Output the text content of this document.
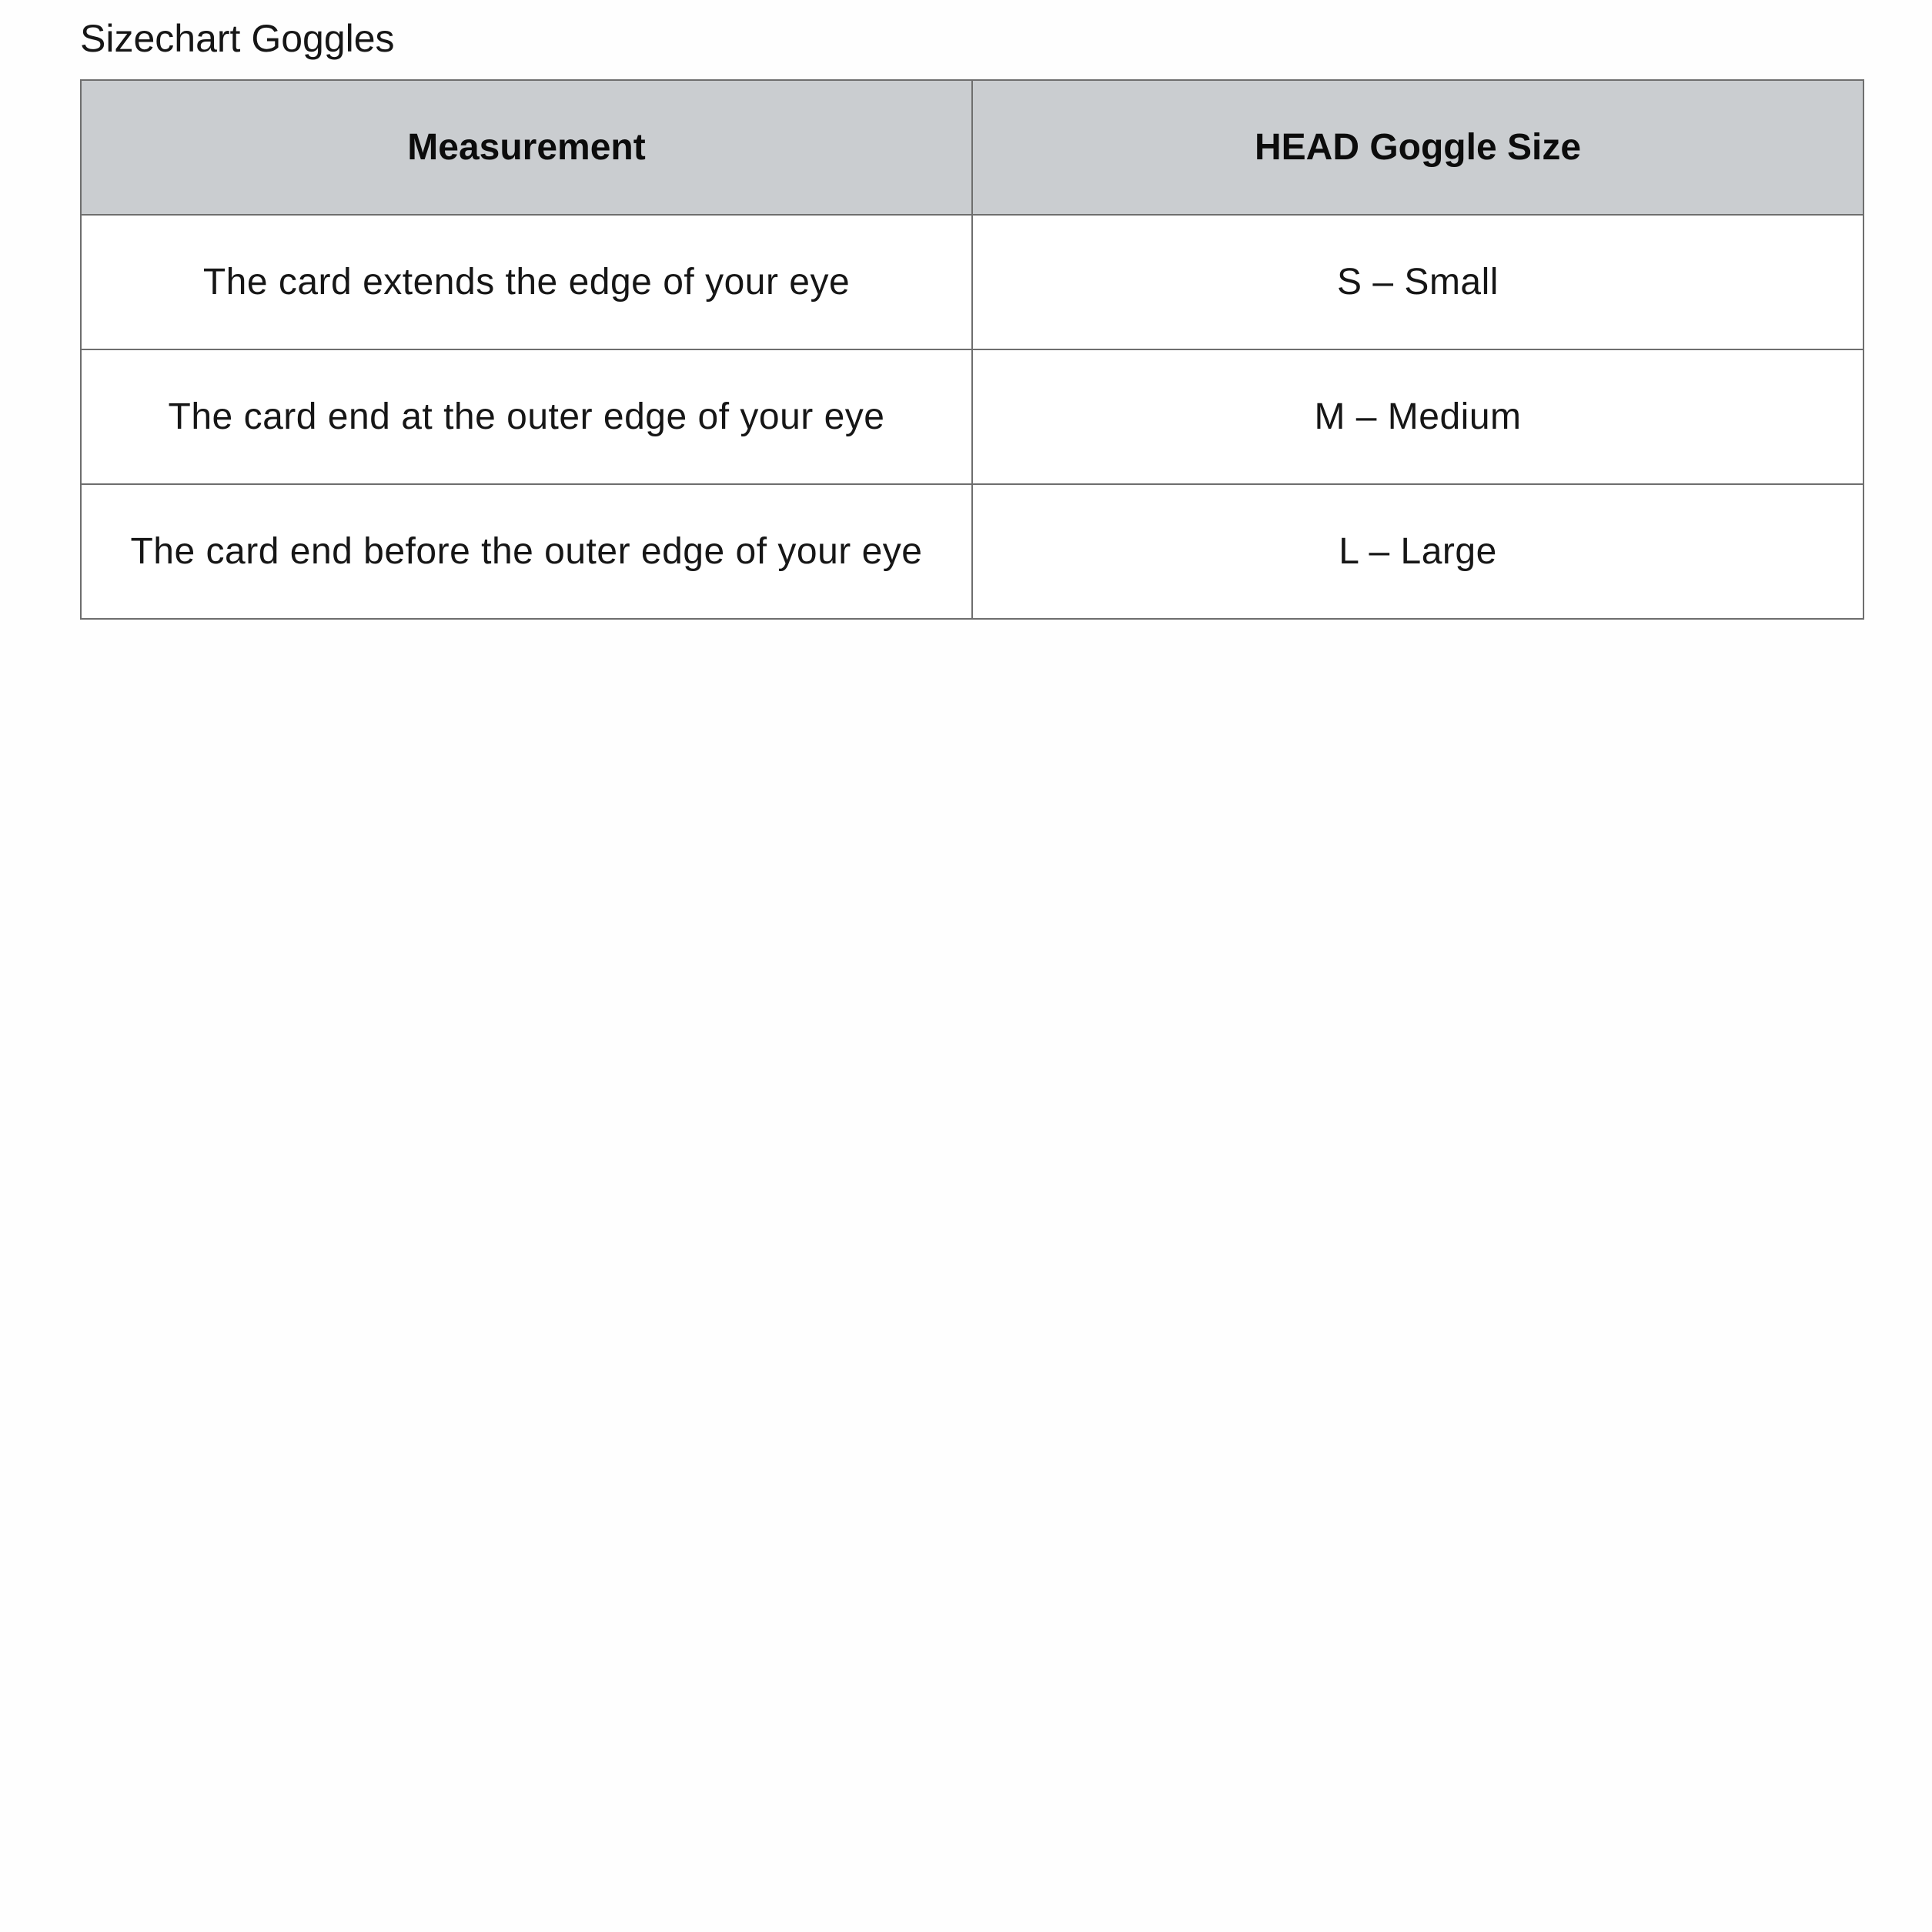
Sizechart Goggles
Measurement	HEAD Goggle Size
The card extends the edge of your eye	S – Small
The card end at the outer edge of your eye	M – Medium
The card end before the outer edge of your eye	L – Large
